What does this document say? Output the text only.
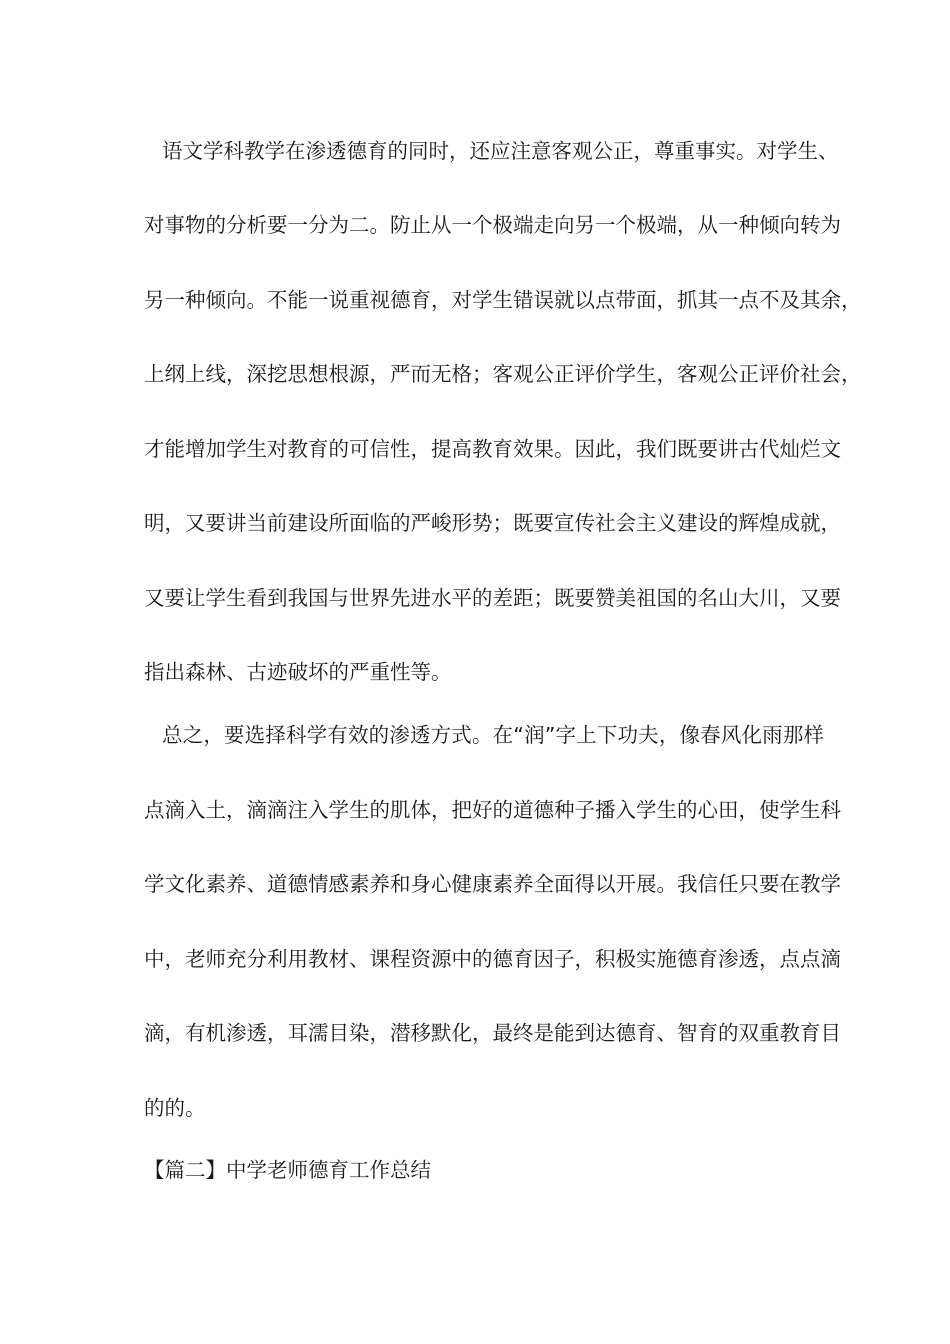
语文学科教学在渗透德育的同时，还应注意客观公正，尊重事实。对学生、
对事物的分析要一分为二。防止从一个极端走向另一个极端，从一种倾向转为
另一种倾向。不能一说重视德育，对学生错误就以点带面，抓其一点不及其余，
上纲上线，深挖思想根源，严而无格；客观公正评价学生，客观公正评价社会，
才能增加学生对教育的可信性，提高教育效果。因此，我们既要讲古代灿烂文
明，又要讲当前建设所面临的严峻形势；既要宣传社会主义建设的辉煌成就，
又要让学生看到我国与世界先进水平的差距；既要赞美祖国的名山大川，又要
指出森林、古迹破坏的严重性等。
总之，要选择科学有效的渗透方式。在“润”字上下功夫，像春风化雨那样
点滴入土，滴滴注入学生的肌体，把好的道德种子播入学生的心田，使学生科
学文化素养、道德情感素养和身心健康素养全面得以开展。我信任只要在教学
中，老师充分利用教材、课程资源中的德育因子，积极实施德育渗透，点点滴
滴，有机渗透，耳濡目染，潜移默化，最终是能到达德育、智育的双重教育目
的的。
【篇二】中学老师德育工作总结
